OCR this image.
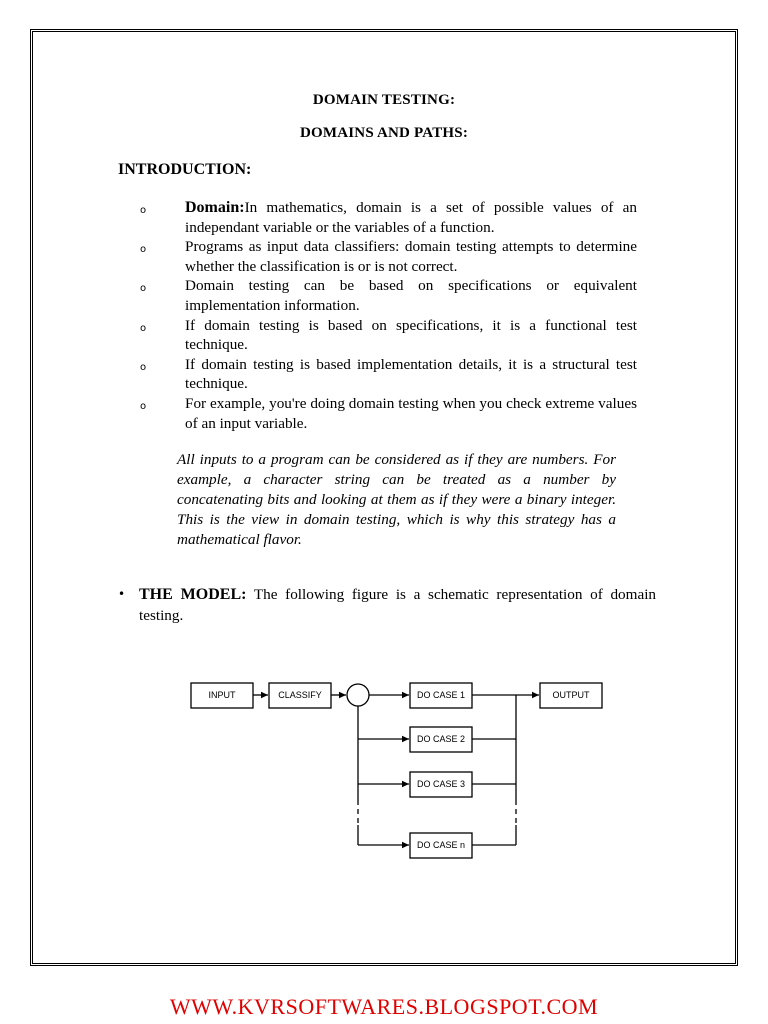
DOMAIN TESTING:
DOMAINS AND PATHS:
INTRODUCTION:
o Domain:In mathematics, domain is a set of possible values of an independant variable or the variables of a function.
o	Programs as input data classifiers: domain testing attempts to determine whether the classification is or is not correct.
o	Domain testing can be based on specifications or equivalent implementation information.
o	If domain testing is based on specifications, it is a functional test technique.
o	If domain testing is based implementation details, it is a structural test technique.
o	For example, you're doing domain testing when you check extreme values of an input variable.
All inputs to a program can be considered as if they are numbers. For example, a character string can be treated as a number by concatenating bits and looking at them as if they were a binary integer. This is the view in domain testing, which is why this strategy has a mathematical flavor.
• THE MODEL: The following figure is a schematic representation of domain testing.
INPUT	CLASSIFY	DO CASE 1
DO CASE 2
DO CASE 3
DO CASE n
OUTPUT
WWW.KVRSOFTWARES.BLOGSPOT.COM
